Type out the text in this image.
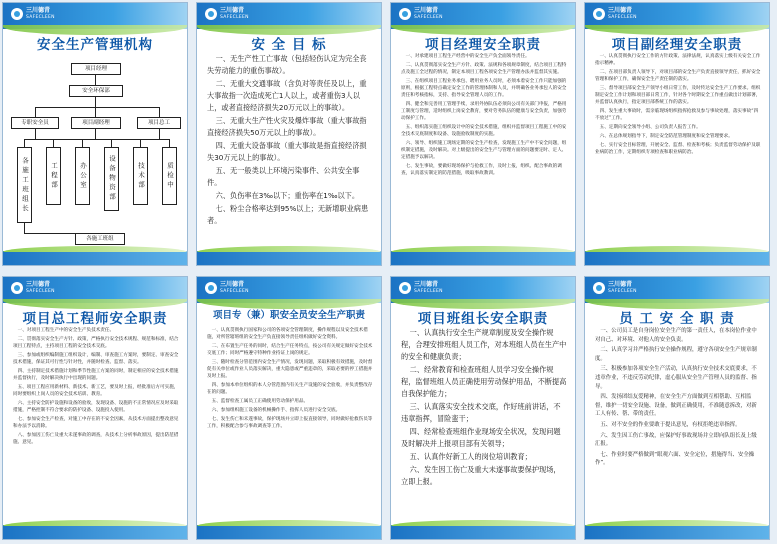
三川德青
SAFECLEEN
安全生产管理机构
项目经理
安全环保部
专职安全员	项目副经理	项目总工
各施工班组长	工程部	办公室	设备物资部	技术部	质检中
各施工班组
三川德青
SAFECLEEN
安 全 目 标

一、无生产性工亡事故（包括轻伤认定为完全丧失劳动能力的重伤事故）。

二、无重大交通事故（含负对等责任及以上，重大事故指一次造成死亡1人以上，或者重伤3人以上，或者直接经济损失20万元以上的事故）。

三、无重大生产性火灾及爆炸事故（重大事故指直接经济损失50万元以上的事故）。

四、无重大设备事故（重大事故是指直接经济损失30万元以上的事故）。

五、无一般类以上环境污染事件、公共安全事件。

六、负伤率在3‰以下；重伤率在1‰以下。

七、粉尘合格率达到95%以上；无新增职业病患者。

三川德青
SAFECLEEN
项目经理安全职责

一、对承建项目工程生产经营中的安全生产负全面领导责任。

二、认真贯彻落实安全生产方针、政策、法规和各项规章制度，结合项目工程特点及施工全过程的情况，制定本项目工程各项安全生产管理办法并监督其实施。

三、在组织项目工程业务承包、聘用业务人员时，必须本着安全工作只能加强的原则，根据工程特点确定安全工作的管理体制和人员，并明确各业务承包人的安全责任和考核指标，支持、指导安全管理人员的工作。

四、健全和完善用工管理手续，录用外协队伍必须向公司有关部门申报，严格用工制度与管理，适时组织上岗安全教育，要对劳务队伍的健康与安全负责，加强劳动保护工作。

五、组织落实施工组织设计中的安全技术措施，组织并监督项目工程施工中的安全技术交底制度和设备、设施验收制度的实施。

六、领导、组织施工现场定期的安全生产检查，发现施工生产中不安全问题，组织制定措施，及时解决。对上级提出的安全生产与管理方面的问题要定时、定人、定措施予以解决。

七、发生事故，要做好现场保护与抢救工作，及时上报，组织、配合事故的调查，认真落实制定的防范措施，吸取事故教训。

三川德青
SAFECLEEN
项目副经理安全职责

一、认真贯彻执行安全工作的方针政策、法律法规，认真落实上级有关安全工作指示精神。

二、在项目部负责人领导下，对项目部的安全生产负责直接领导责任，抓好安全管理和保护工作，确保安全生产责任制的落实。

三、督导项目部安全生产领导小组日常工作，及时传达安全生产工作要求。组织制定安全工作计划和项目部日常工作，针对各个时期安全工作重点做出计划部署，并监督认真执行，指定项目部系统工作的落实。

四、发生重大事故时，需亲临现场组织指挥抢救及参与事故处理，落实事故“四不放过”工作。

五、定期向安全领导小组、公司负责人报告工作。

六、在总体规划指导下，制定安全防范管理制度和安全管理要求。

七、实行安全目标管理，开展安全、监督、检查和考核；负责监督劳动保护及职业病防治工作，定期组织专项检查和职业病防治。

三川德青
SAFECLEEN
项目总工程师安全职责

一、对项目工程生产中的安全生产负技术责任。

二、贯彻落实安全生产方针、政策，严格执行安全技术规程、规范和标准，结合项目工程特点，主持项目工程的安全技术交底。

三、参加或组织编制施工组织设计，编制、审查施工方案时，要制定、审查安全技术措施，保证其可行性与针对性，并随时检查、监督、落实。

四、主持制定技术措施计划和季节性施工方案的同时，制定相应的安全技术措施并监督执行，及时解决执行中出现的问题。

五、项目工程应用新材料、新技术、新工艺，要及时上报，经批准后方可实施，同时要组织上岗人员的安全技术培训、教育。

六、主持安全防护设施和设备的验收，发现设备、设施的不正常情况应及时采取措施，严格控制不符合要求的防护设备、设施投入使用。

七、参加安全生产检查，对施工中存在的不安全因素，从技术方面提出整改意见和办法予以消除。

八、参加因工伤亡及重大未遂事故的调查，从技术上分析事故原因，提出防范措施、意见。

三川德青
SAFECLEEN
项目专（兼）职安全员安全生产职责

一、认真贯彻执行国家和公司的各项安全管理制度，操作规程以及安全技术措施，对所管辖班组的安全生产负直接领导责任组织做好安全资料。

二、在布置生产任务的同时，结合生产任务特点，按公司有关规定做好安全技术交底工作；同时严格遵守特种作业持证上岗的规定。

三、随时检查分管范围内安全生产情况，发现问题，采取积极有效措施，及时督促有关单位或作业人员落实解决，重大隐患或严重违章的，采取必要的停工措施并及时上报。

四、参加本单位组织的本人分管范围内有关生产设施的安全验收，并负责整改存在的问题。

五、监督检查工属员工正确使用劳动保护用品。

六、参加组织施工设备的机械操作手、指挥人员进行安全交底。

七、发生伤亡和未遂事故，保护现场并立即上报直接领导，同时做好抢救伤员等工作，积极配合参与事故调查等工作。

三川德青
SAFECLEEN
项目班组长安全职责

一、认真执行安全生产规章制度及安全操作规程，合理安排班组人员工作，对本班组人员在生产中的安全和健康负责；

二、经常教育和检查班组人员学习安全操作规程，监督班组人员正确使用劳动保护用品，不断提高自我保护能力；

三、认真落实安全技术交底，作好班前讲话，不违章指挥，冒险蛮干；

四、经常检查班组作业现场安全状况，发现问题及时解决并上报项目部有关领导；

五、认真作好新工人的岗位培训教育；

六、发生因工伤亡及重大未遂事故要保护现场，立即上报。

三川德青
SAFECLEEN
员 工 安 全 职 责

一、公司员工是自身岗位安全生产的第一责任人，在本岗位作业中对自己、对环境、对他人的安全负责。

二、认真学习并严格执行安全操作规程，遵守各项安全生产规章制度。

三、积极参加各项安全生产活动，认真执行安全技术交底要求，不违章作业，不违反劳动纪律，虚心服从安全生产管理人员的监督、指导。

四、发扬团结友爱精神，在安全生产方面做到互相帮助、互相监督，维护一切安全设施、设备，做到正确使用，不准随意拆改，对新工人有传、帮、带的责任。

五、对不安全的作业要敢于提出意见，有权拒绝违章指挥。

六、发生因工伤亡事故，应保护好事故现场并立即向队组长及上级汇报。

七、作业时要严格做到“眼观六面、安全定位，措施得当、安全操作”。
